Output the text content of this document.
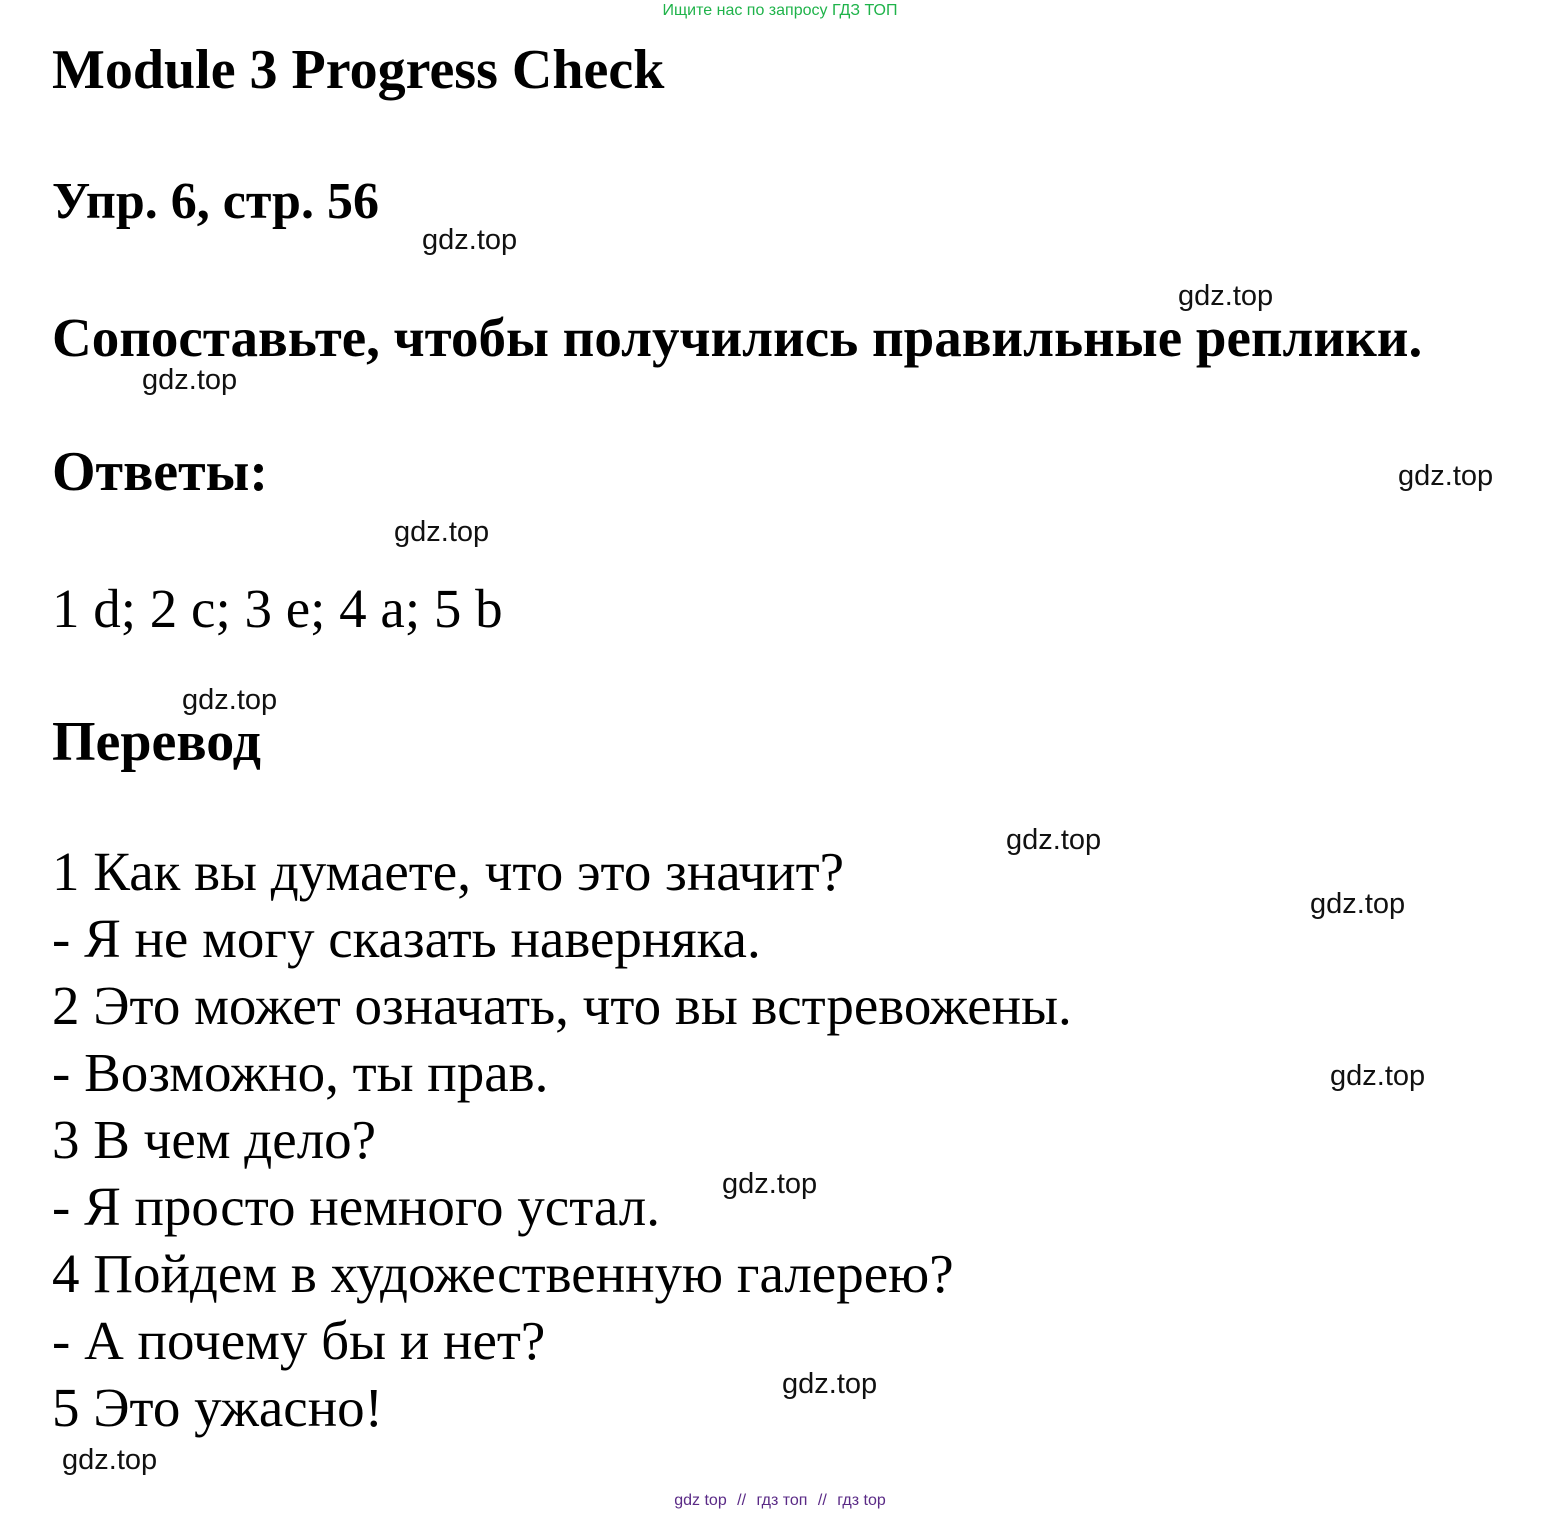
Ищите нас по запросу ГДЗ ТОП
Module 3 Progress Check
Упр. 6, стр. 56
Сопоставьте, чтобы получились правильные реплики.
Ответы:
1 d; 2 c; 3 e; 4 a; 5 b
Перевод
1 Как вы думаете, что это значит?
- Я не могу сказать наверняка.
2 Это может означать, что вы встревожены.
- Возможно, ты прав.
3 В чем дело?
- Я просто немного устал.
4 Пойдем в художественную галерею?
- А почему бы и нет?
5 Это ужасно!
gdz.top
gdz.top
gdz.top
gdz.top
gdz.top
gdz.top
gdz.top
gdz.top
gdz.top
gdz.top
gdz.top
gdz.top
gdz top // гдз топ // гдз top
